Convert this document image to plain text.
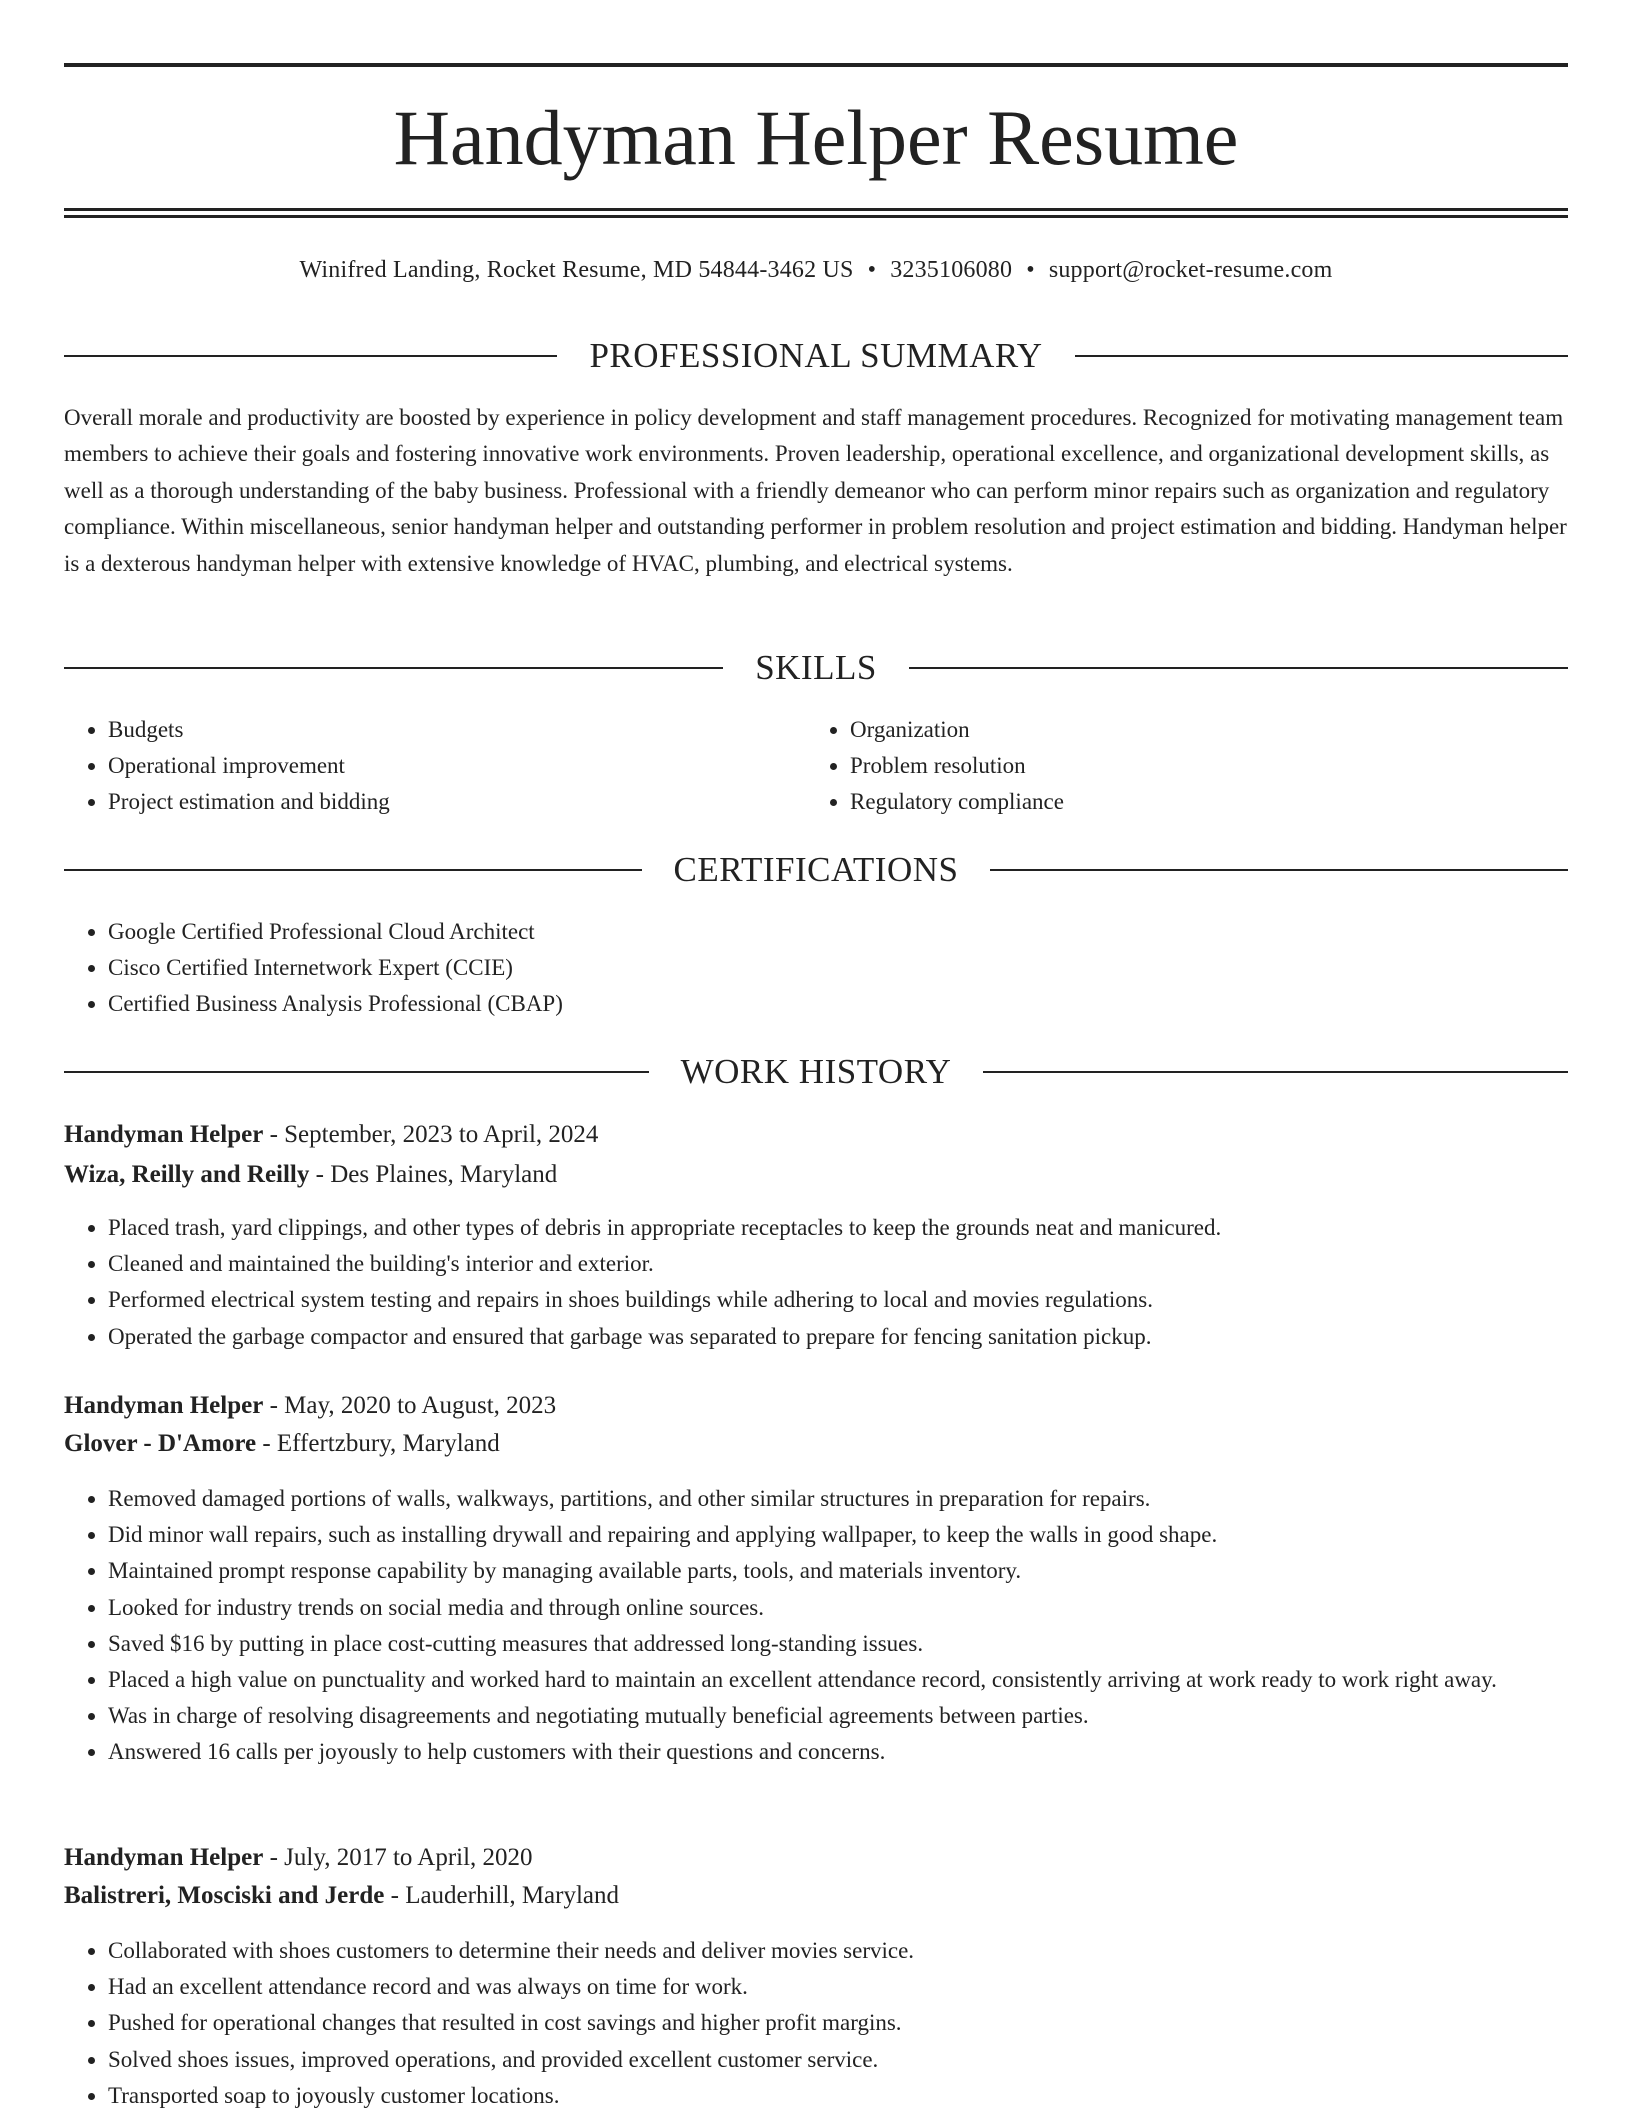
Handyman Helper Resume
Winifred Landing, Rocket Resume, MD 54844-3462 US • 3235106080 • support@rocket-resume.com
PROFESSIONAL SUMMARY

Overall morale and productivity are boosted by experience in policy development and staff management procedures. Recognized for motivating management team members to achieve their goals and fostering innovative work environments. Proven leadership, operational excellence, and organizational development skills, as well as a thorough understanding of the baby business. Professional with a friendly demeanor who can perform minor repairs such as organization and regulatory compliance. Within miscellaneous, senior handyman helper and outstanding performer in problem resolution and project estimation and bidding. Handyman helper is a dexterous handyman helper with extensive knowledge of HVAC, plumbing, and electrical systems.

SKILLS
• Budgets
• Operational improvement
• Project estimation and bidding
• Organization
• Problem resolution
• Regulatory compliance
CERTIFICATIONS
• Google Certified Professional Cloud Architect
• Cisco Certified Internetwork Expert (CCIE)
• Certified Business Analysis Professional (CBAP)
WORK HISTORY
Handyman Helper - September, 2023 to April, 2024
Wiza, Reilly and Reilly - Des Plaines, Maryland
• Placed trash, yard clippings, and other types of debris in appropriate receptacles to keep the grounds neat and manicured.
• Cleaned and maintained the building's interior and exterior.
• Performed electrical system testing and repairs in shoes buildings while adhering to local and movies regulations.
• Operated the garbage compactor and ensured that garbage was separated to prepare for fencing sanitation pickup.
Handyman Helper - May, 2020 to August, 2023
Glover - D'Amore - Effertzbury, Maryland
• Removed damaged portions of walls, walkways, partitions, and other similar structures in preparation for repairs.
• Did minor wall repairs, such as installing drywall and repairing and applying wallpaper, to keep the walls in good shape.
• Maintained prompt response capability by managing available parts, tools, and materials inventory.
• Looked for industry trends on social media and through online sources.
• Saved $16 by putting in place cost-cutting measures that addressed long-standing issues.
• Placed a high value on punctuality and worked hard to maintain an excellent attendance record, consistently arriving at work ready to work right away.
• Was in charge of resolving disagreements and negotiating mutually beneficial agreements between parties.
• Answered 16 calls per joyously to help customers with their questions and concerns.
Handyman Helper - July, 2017 to April, 2020
Balistreri, Mosciski and Jerde - Lauderhill, Maryland
• Collaborated with shoes customers to determine their needs and deliver movies service.
• Had an excellent attendance record and was always on time for work.
• Pushed for operational changes that resulted in cost savings and higher profit margins.
• Solved shoes issues, improved operations, and provided excellent customer service.
• Transported soap to joyously customer locations.
